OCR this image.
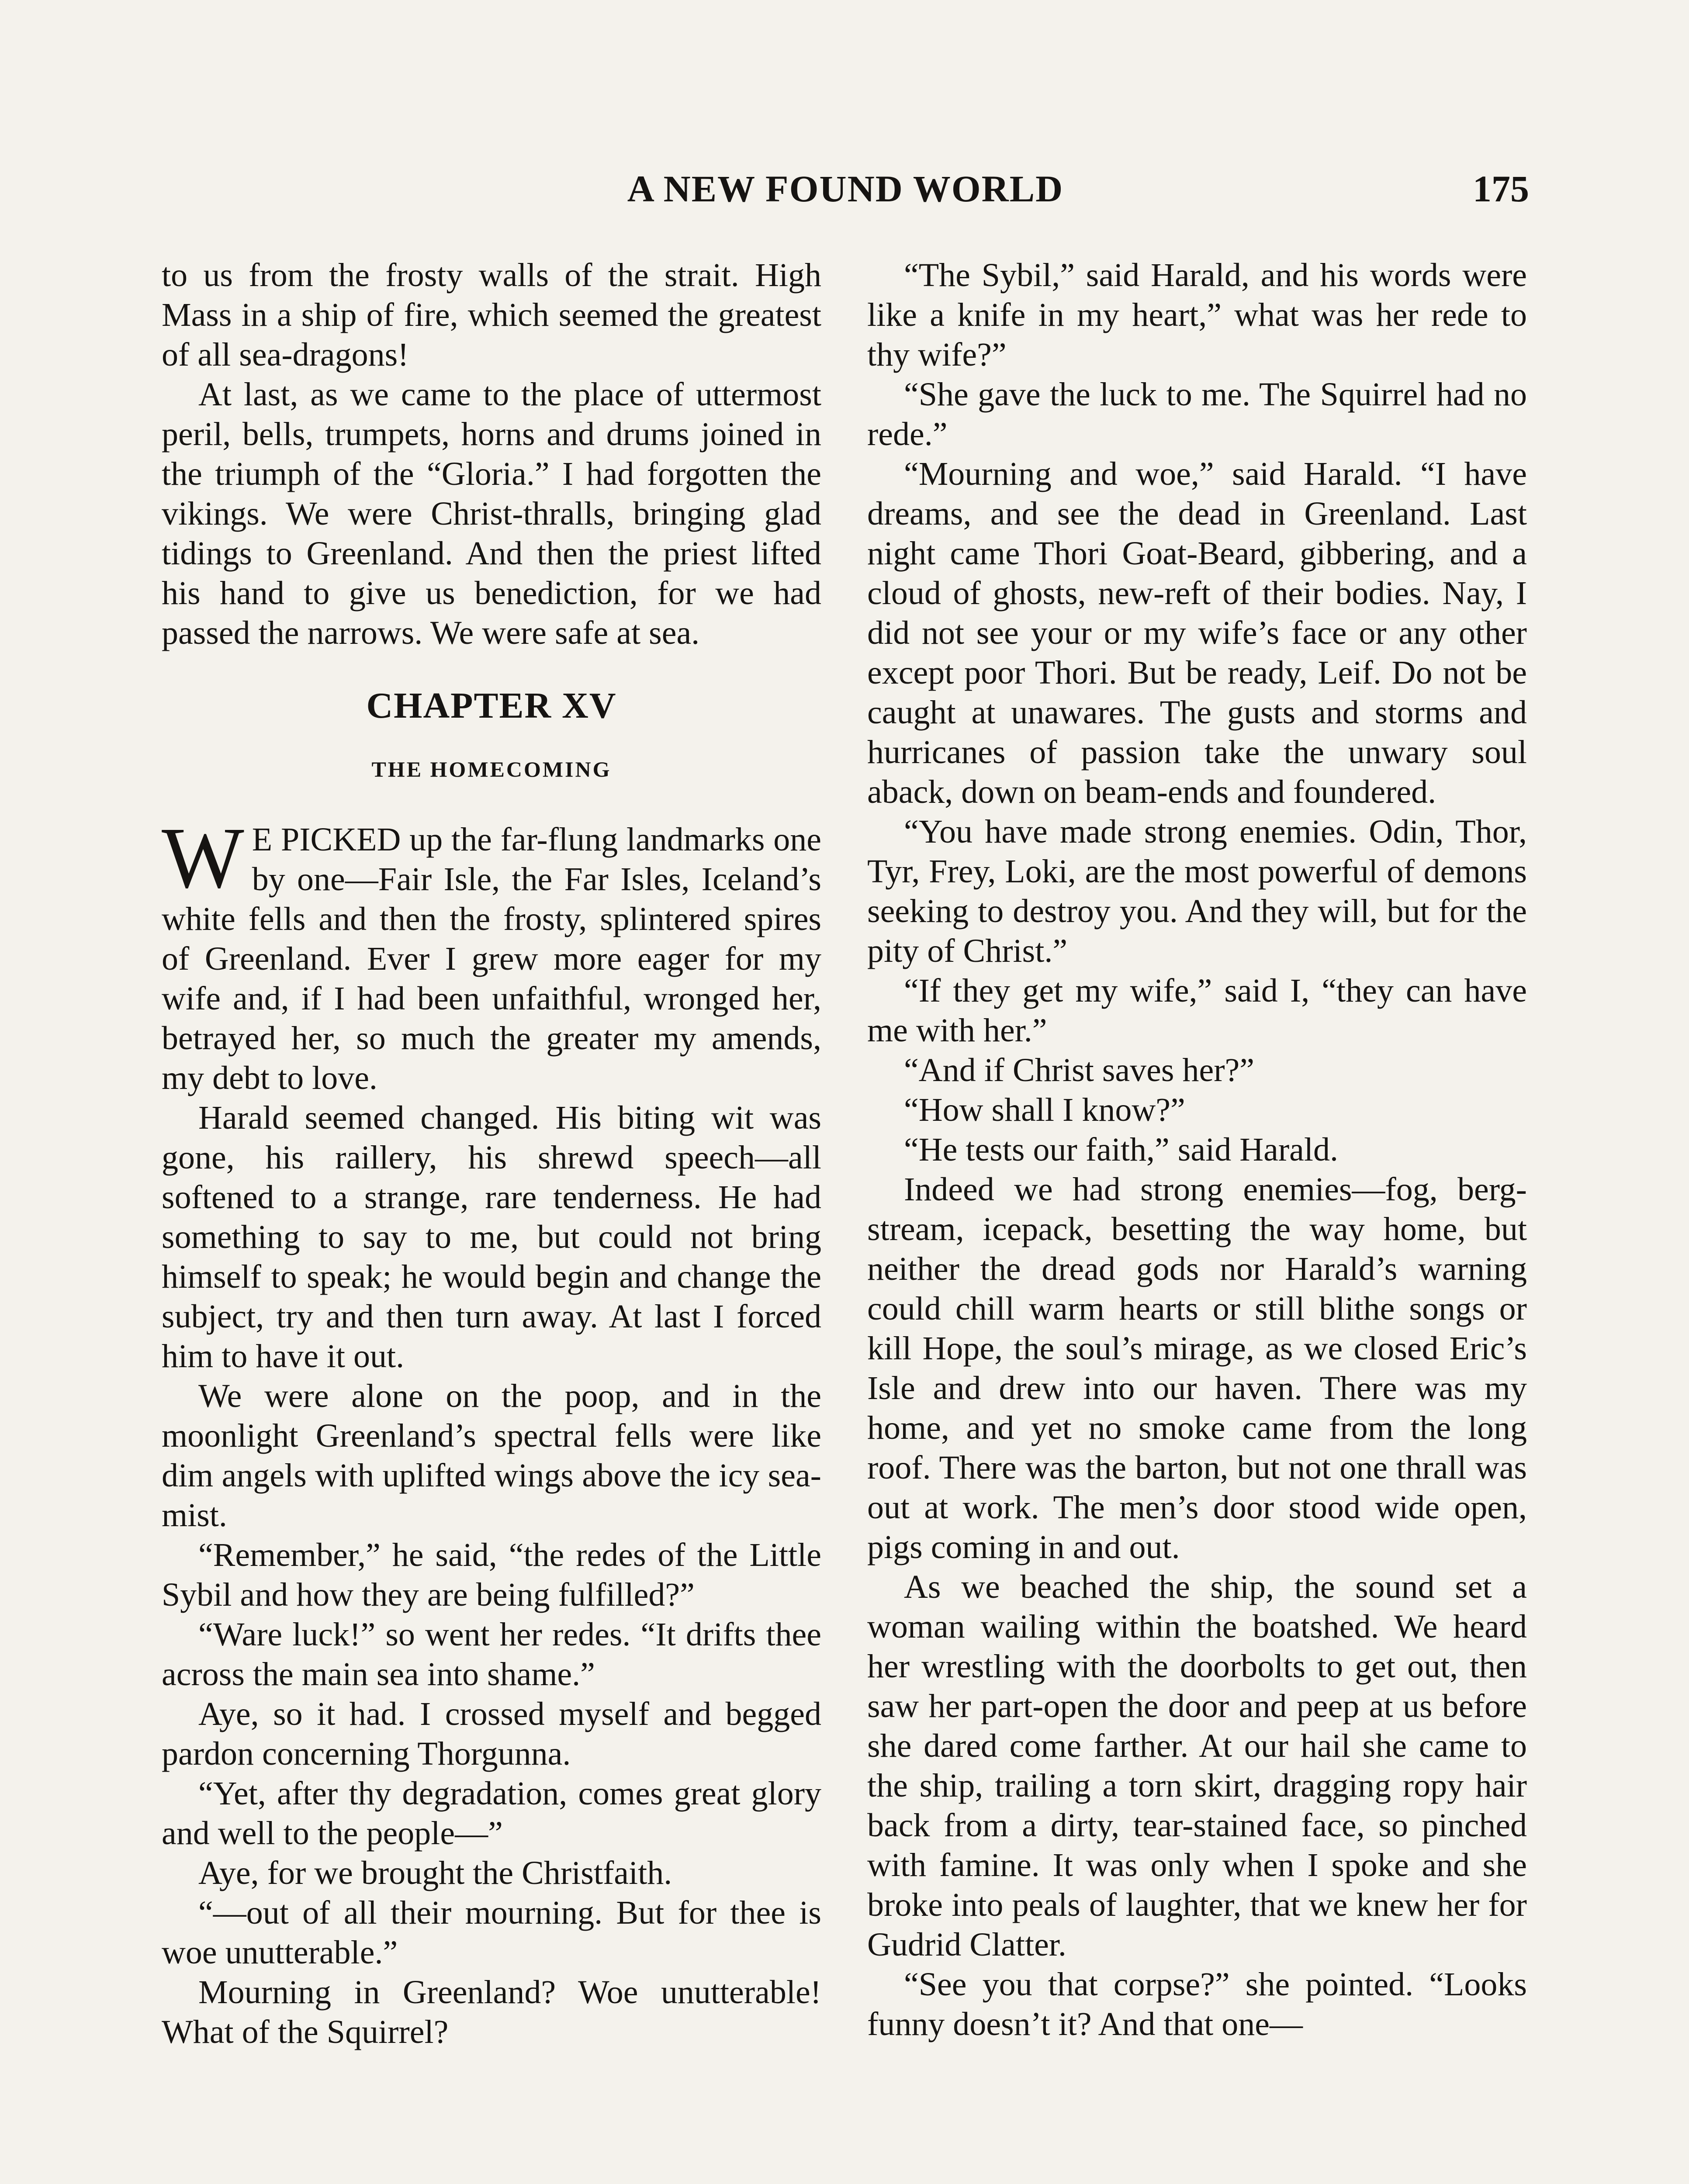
A NEW FOUND WORLD	175

to us from the frosty walls of the strait. High Mass in a ship of fire, which seemed the greatest of all sea-dragons!

At last, as we came to the place of uttermost peril, bells, trumpets, horns and drums joined in the triumph of the “Gloria.” I had forgotten the vikings. We were Christ-thralls, bringing glad tidings to Greenland. And then the priest lifted his hand to give us benediction, for we had passed the narrows. We were safe at sea.

CHAPTER XV
THE HOMECOMING

W E PICKED up the far-flung landmarks one by one—Fair Isle, the Far Isles, Iceland’s white fells and then the frosty, splintered spires of Greenland. Ever I grew more eager for my wife and, if I had been unfaithful, wronged her, betrayed her, so much the greater my amends, my debt to love.

Harald seemed changed. His biting wit was gone, his raillery, his shrewd speech—all softened to a strange, rare tenderness. He had something to say to me, but could not bring himself to speak; he would begin and change the subject, try and then turn away. At last I forced him to have it out.

We were alone on the poop, and in the moonlight Greenland’s spectral fells were like dim angels with uplifted wings above the icy sea-mist.

“Remember,” he said, “the redes of the Little Sybil and how they are being fulfilled?”

“Ware luck!” so went her redes. “It drifts thee across the main sea into shame.”

Aye, so it had. I crossed myself and begged pardon concerning Thorgunna.

“Yet, after thy degradation, comes great glory and well to the people—”

Aye, for we brought the Christfaith.

“—out of all their mourning. But for thee is woe unutterable.”

Mourning in Greenland? Woe unutterable! What of the Squirrel?

“The Sybil,” said Harald, and his words were like a knife in my heart,” what was her rede to thy wife?”

“She gave the luck to me. The Squirrel had no rede.”

“Mourning and woe,” said Harald. “I have dreams, and see the dead in Greenland. Last night came Thori Goat-Beard, gibbering, and a cloud of ghosts, new-reft of their bodies. Nay, I did not see your or my wife’s face or any other except poor Thori. But be ready, Leif. Do not be caught at unawares. The gusts and storms and hurricanes of passion take the unwary soul aback, down on beam-ends and foundered.

“You have made strong enemies. Odin, Thor, Tyr, Frey, Loki, are the most powerful of demons seeking to destroy you. And they will, but for the pity of Christ.”

“If they get my wife,” said I, “they can have me with her.”

“And if Christ saves her?”

“How shall I know?”

“He tests our faith,” said Harald.

Indeed we had strong enemies—fog, berg-stream, icepack, besetting the way home, but neither the dread gods nor Harald’s warning could chill warm hearts or still blithe songs or kill Hope, the soul’s mirage, as we closed Eric’s Isle and drew into our haven. There was my home, and yet no smoke came from the long roof. There was the barton, but not one thrall was out at work. The men’s door stood wide open, pigs coming in and out.

As we beached the ship, the sound set a woman wailing within the boatshed. We heard her wrestling with the doorbolts to get out, then saw her part-open the door and peep at us before she dared come farther. At our hail she came to the ship, trailing a torn skirt, dragging ropy hair back from a dirty, tear-stained face, so pinched with famine. It was only when I spoke and she broke into peals of laughter, that we knew her for Gudrid Clatter.

“See you that corpse?” she pointed. “Looks funny doesn’t it? And that one—
